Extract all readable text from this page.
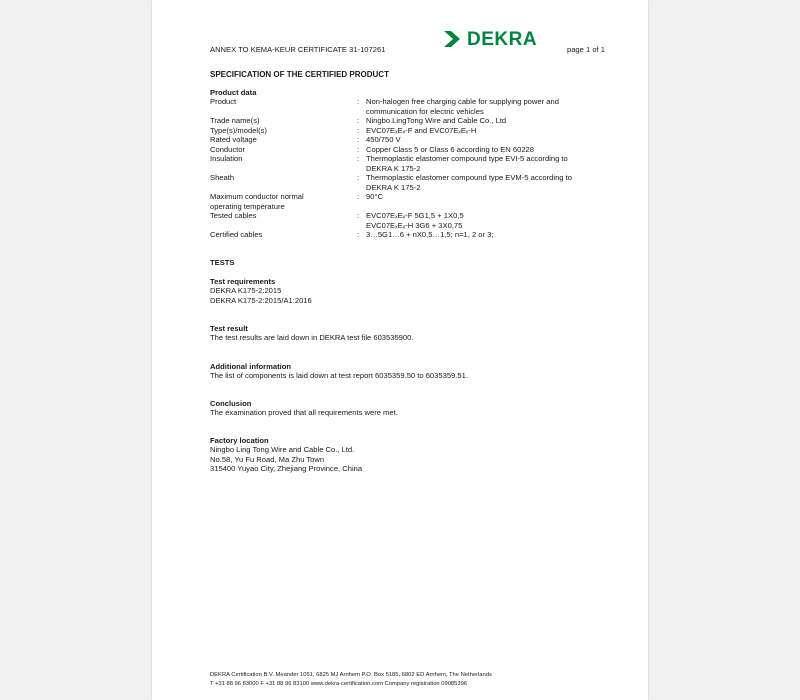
ANNEX TO KEMA-KEUR CERTIFICATE 31-107261	DEKRA	page 1 of 1
SPECIFICATION OF THE CERTIFIED PRODUCT
Product data
Product	: Non-halogen free charging cable for supplying power and
communication for electric vehicles
Trade name(s)	: Ningbo LingTong Wire and Cable Co., Ltd
Type(s)/model(s)	: EVC07EₓEₓ-F and EVC07EₓEₓ-H
Rated voltage	: 450/750 V
Conductor	: Copper Class 5 or Class 6 according to EN 60228
Insulation	: Thermoplastic elastomer compound type EVI-5 according to
DEKRA K 175-2
Sheath	: Thermoplastic elastomer compound type EVM-5 according to
DEKRA K 175-2
Maximum conductor normal	: 90°C
operating temperature
Tested cables	: EVC07EₓEₓ-F 5G1,5 + 1X0,5
EVC07EₓEₓ-H 3G6 + 3X0,75
Certified cables	: 3…5G1…6 + nX0,5…1,5; n=1, 2 or 3;
TESTS
Test requirements
DEKRA K175-2:2015
DEKRA K175-2:2015/A1:2016
Test result
The test results are laid down in DEKRA test file 603535900.
Additional information
The list of components is laid down at test report 6035359.50 to 6035359.51.
Conclusion
The examination proved that all requirements were met.
Factory location
Ningbo Ling Tong Wire and Cable Co., Ltd.
No.58, Yu Fu Road, Ma Zhu Town
315400 Yuyao City, Zhejiang Province, China
DEKRA Certification B.V. Meander 1051, 6825 MJ Arnhem P.O. Box 5185, 6802 ED Arnhem, The Netherlands
T +31 88 96 83000 F +31 88 96 83100 www.dekra-certification.com Company registration 09085396
